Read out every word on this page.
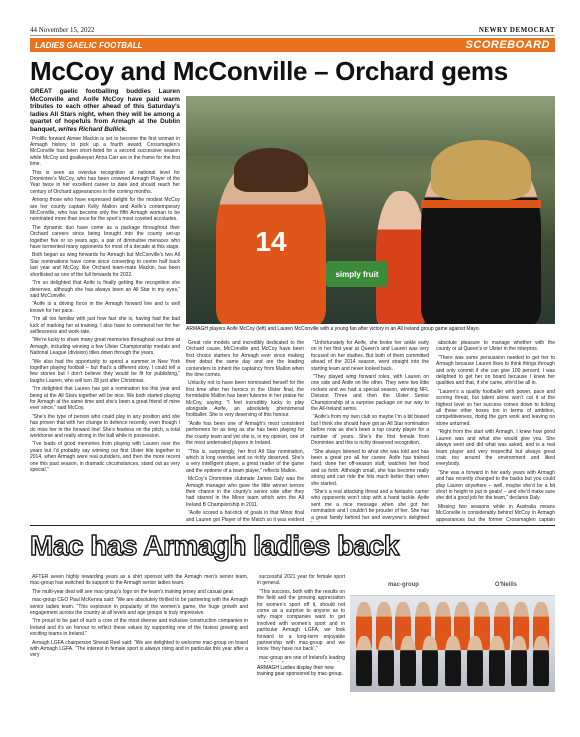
44 November 15, 2022	NEWRY DEMOCRAT
LADIES GAELIC FOOTBALL	SCOREBOARD
McCoy and McConville – Orchard gems

GREAT gaelic footballing buddies Lauren McConville and Aoife McCoy have paid warm tributes to each other ahead of this Saturday’s ladies All Stars night, when they will be among a quartet of hopefuls from Armagh at the Dublin banquet, writes Richard Bullick.

Prolific forward Aimee Mackin is set to become the first woman in Armagh history to pick up a fourth award, Crossmaglen’s McConville has been short-listed for a second successive season while McCoy and goalkeeper Anna Carr are in the frame for the first time.

This is seen as overdue recognition at national level for Dromintee’s McCoy, who has been crowned Armagh Player of the Year twice in her excellent career to date and should reach her century of Orchard appearances in the coming months.

Among those who have expressed delight for the modest McCoy are her county captain Kelly Mallon and Aoife’s contemporary McConville, who has become only the fifth Armagh woman to be nominated more than once for the sport’s most coveted accolades.

The dynamic duo have come as a package throughout their Orchard careers since being brought into the county set-up together five or so years ago, a pair of diminutive menaces who have tormented many opponents for most of a decade at this stage.

Both began as wing forwards for Armagh but McConville’s two All Star nominations have come since converting to centre half back last year and McCoy, like Orchard team-mate Mackin, has been shortlisted as one of the full forwards for 2022.

“I’m so delighted that Aoife is finally getting the recognition she deserves, although she has always been an All Star in my eyes,” said McConville.

“Aoife is a driving force in the Armagh forward line and is well known for her pace.

“I’m all too familiar with just how fast she is, having had the bad luck of marking her at training. I also have to commend her for her selflessness and work-rate.

“We’re lucky to share many great memories throughout our time at Armagh, including winning a few Ulster Championship medals and National League (division) titles down through the years.

“We also had the opportunity to spend a summer in New York together playing football – but that’s a different story. I could tell a few stories but I don’t believe they would be fit for publishing,” laughs Lauren, who will turn 28 just after Christmas.

“I’m delighted that Lauren has got a nomination too this year and being at the All Stars together will be nice. We both started playing for Armagh at the same time and she’s been a great friend of mine ever since,” said McCoy.

“She’s the type of person who could play in any position and she has proven that with her change to defence recently, even though I do miss her in the forward line! She’s fearless on the pitch, a total workhorse and really strong in the ball while in possession.

“I’ve loads of good memories from playing with Lauren over the years but I’d probably say winning our first Ulster title together in 2014, when Armagh were real outsiders, and then the more recent one this past season, in dramatic circumstances, stand out as very special.”

14
simply fruit
ARMAGH players Aoife McCoy (left) and Lauren McConville with a young fan after victory in an All Ireland group game against Mayo.

Great role models and incredibly dedicated to the Orchard cause, McConville and McCoy have been first choice starters for Armagh ever since making their debut the same day and are the leading contenders to inherit the captaincy from Mallon when the time comes.

Unlucky not to have been nominated herself for the first time after her heroics in the Ulster final, the formidable Mallon has been fulsome in her praise for McCoy, saying: “I feel incredibly lucky to play alongside Aoife, an absolutely phenomenal footballer. She is very deserving of this honour.

“Aoife has been one of Armagh’s most consistent performers for as long as she has been playing for the county team and yet she is, in my opinion, one of the most underrated players in Ireland.

“This is, surprisingly, her first All Star nomination, which is long overdue and so richly deserved. She’s a very intelligent player, a great reader of the game and the epitome of a team player,” reflects Mallon.

McCoy’s Dromintee clubmate James Daly was the Armagh manager who gave the little winner terrors their chance in the county’s senior side after they had starred in the Minor team which won the All Ireland B Championship in 2011.

“Aoife scored a hat-trick of goals in that Minor final and Lauren got Player of the Match so it was evident

“Unfortunately for Aoife, she broke her ankle early on in her first year at Queen’s and Lauren was very focused on her studies. But both of them committed ahead of the 2014 season, went straight into the starting team and never looked back.

“They played wing forward roles, with Lauren on one side and Aoife on the other. They were two little rockets and we had a special season, winning NFL Division Three and then the Ulster Senior Championship at a surprise package on our way to the All-Ireland semis.

“Aoife’s from my own club so maybe I’m a bit biased but I think she should have got an All Star nomination before now as she’s been a top county player for a number of years. She’s the first female from Dromintee and this is richly deserved recognition.

“She always listened to what she was told and has been a great pro all her career. Aoife has trained hard, done her off-season stuff, watches her food and so forth. Although small, she has become really strong and can ride the hits much better than when she started.

“She’s a real attacking threat and a fantastic carrier who opponents won’t stop with a hand tackle. Aoife sent me a nice message when she got her nomination and I couldn’t be prouder of her. She has a great family behind her and everyone’s delighted

absolute pleasure to manage whether with the county or at Queen’s or Ulster in the interpros.

“There was some persuasion needed to get her to Armagh because Lauren likes to think things through and only commit if she can give 100 percent. I was delighted to get her on board because I knew her qualities and that, if she came, she’d be all in.

“Lauren’s a quality footballer with power, pace and scoring threat, but talent alone won’t cut it at the highest level so her success comes down to ticking all these other boxes too in terms of ambition, competitiveness, doing the gym work and leaving no stone unturned.

“Right from the start with Armagh, I knew how good Lauren was and what she would give you. She always went and did what was asked, and is a real team player and very respectful but always great craic too around the environment and liked everybody.

“She was a forward in her early years with Armagh and has recently changed to the backs but you could play Lauren anywhere – well, maybe she’d be a bit short in height to put in goals! – and she’d make sure she did a good job for the team,” declares Daly.

Missing two seasons while in Australia means McConville is considerably behind McCoy in Armagh appearances but the former Crossmaglen captain

Mac has Armagh ladies back

AFTER seven highly rewarding years as a shirt sponsor with the Armagh men’s senior team, mac-group has switched its support to the Armagh senior ladies team.

The multi-year deal will see mac-group’s logo on the team’s training jersey and casual gear.

mac-group CEO Paul McKenna said: “We are absolutely thrilled to be partnering with the Armagh senior ladies team. “This explosion in popularity of the women’s game, the huge growth and engagement across the country at all levels and age groups is truly impressive.

“I’m proud to be part of such a core of the most diverse and inclusive construction companies in Ireland and it’s an honour to reflect these values by supporting one of the fastest growing and exciting teams in Ireland.”

Armagh LGFA chairperson Sinead Reel said: “We are delighted to welcome mac-group on board with Armagh LGFA. “The interest in female sport is always rising and in particular this year after a very

successful 2021 year for female sport in general.

“This success, both with the results on the field and the growing appreciation for women’s sport off it, should not come as a surprise to anyone as to why major companies want to get involved with women’s sport and in particular Armagh LGFA, we look forward to a long-term enjoyable partnership with mac-group and we know ‘they have our back’.”

mac-group are one of Ireland’s leading

ARMAGH Ladies display their new training gear sponsored by mac-group.
mac-group	O'Neills
